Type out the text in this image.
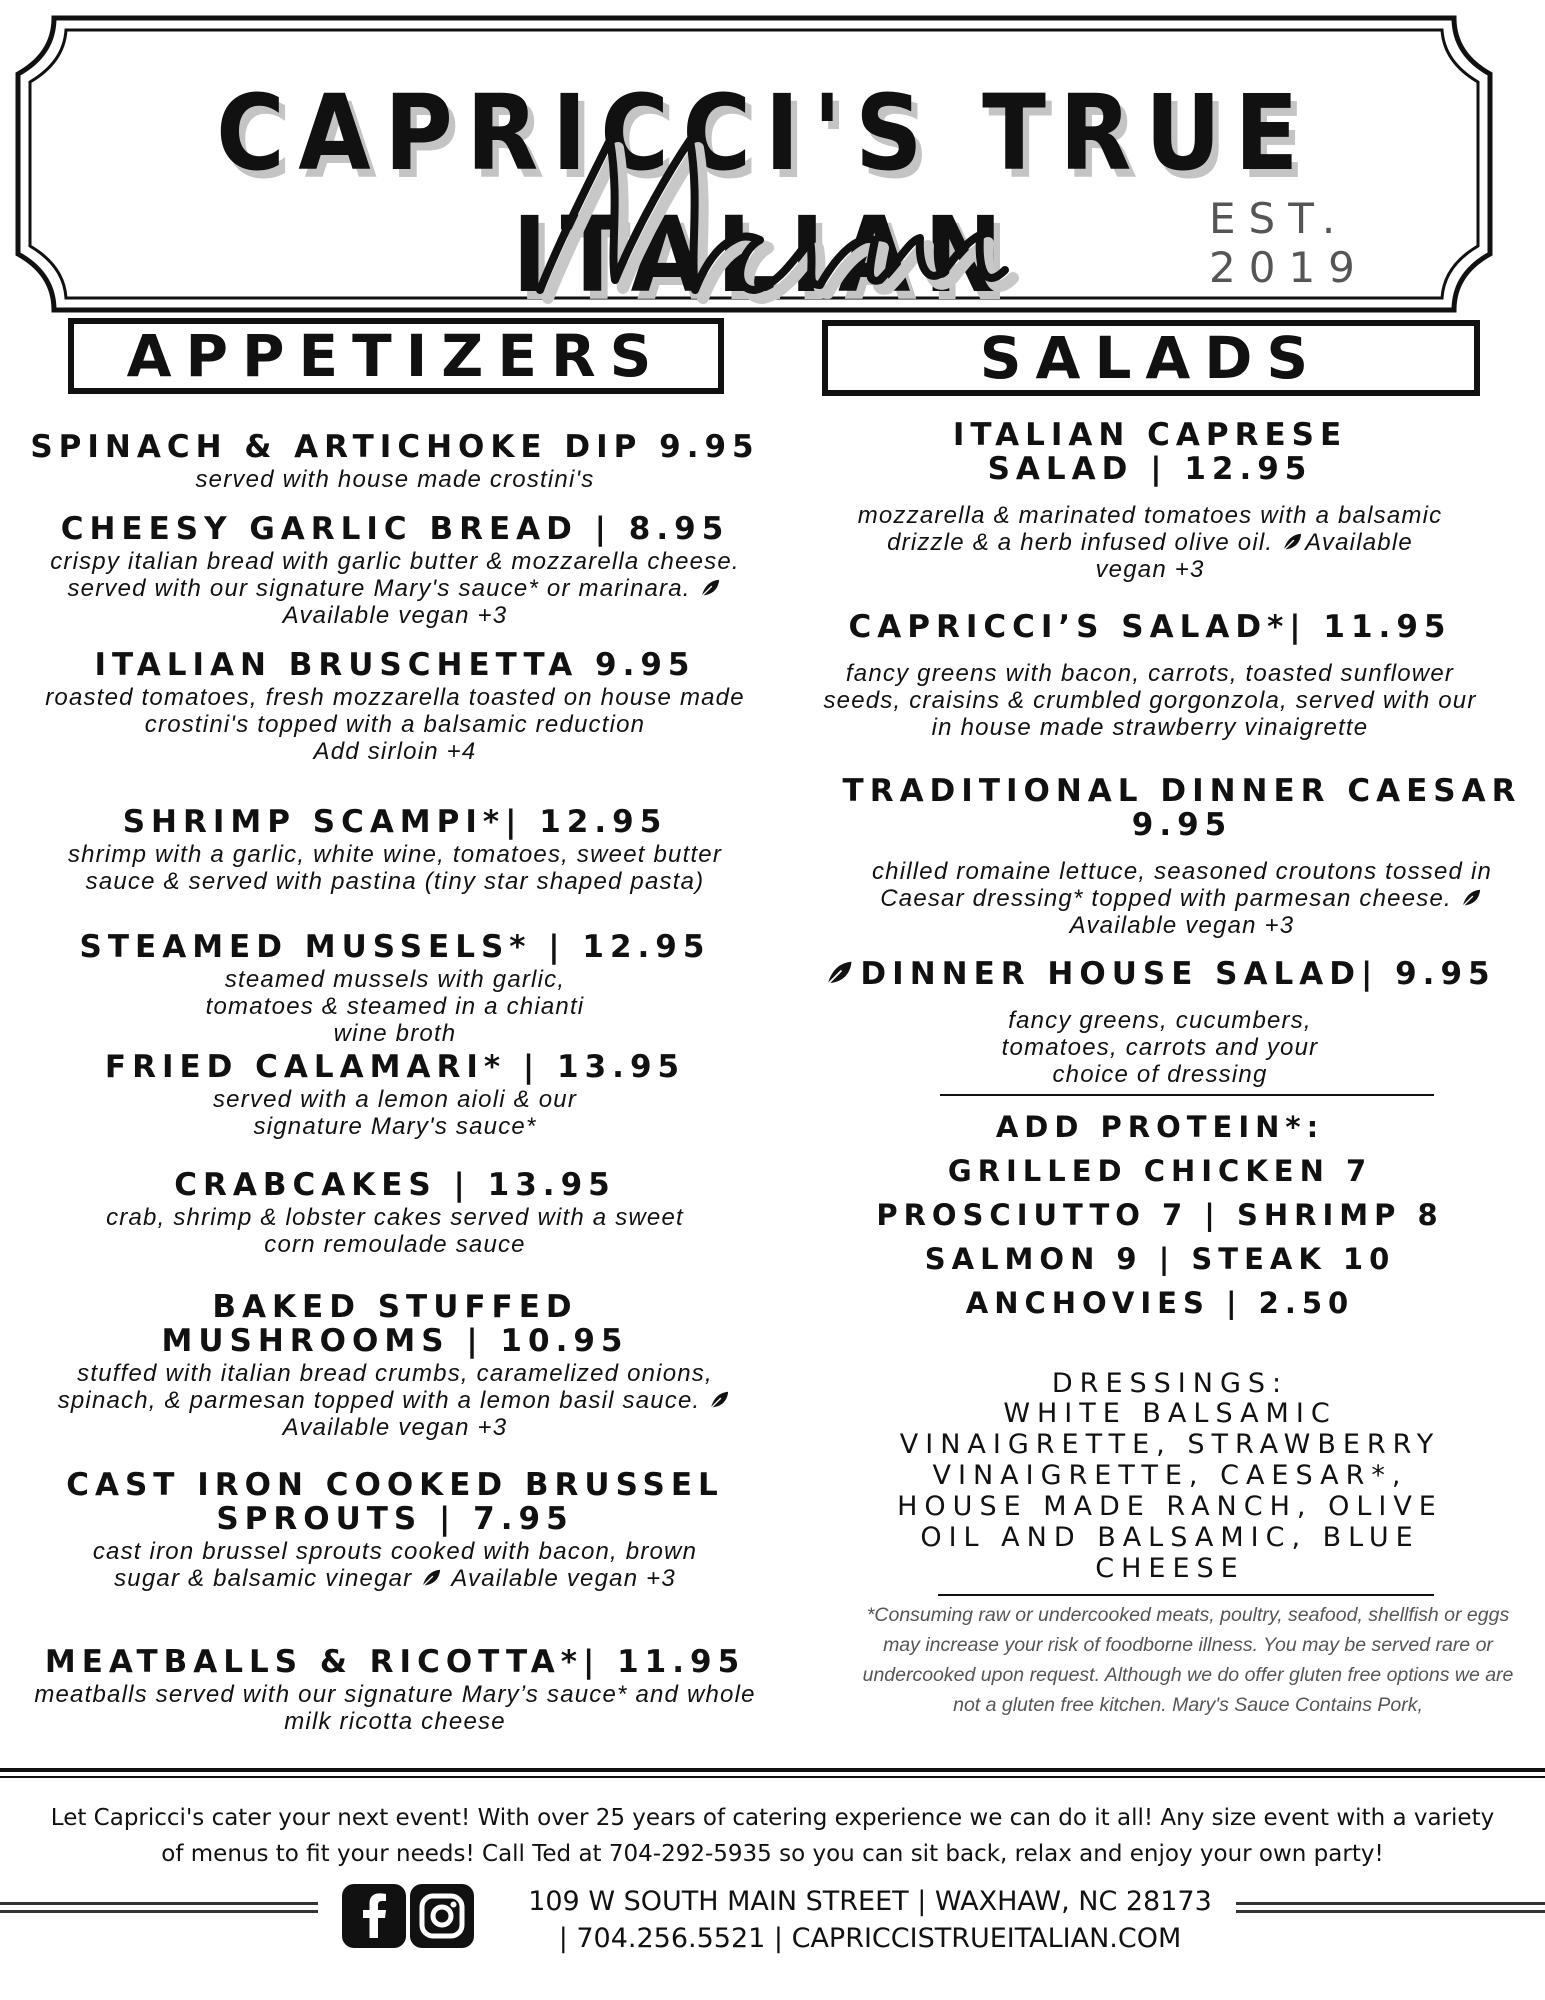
CAPRICCI'S TRUE ITALIAN	EST. 2019
APPETIZERS	SALADS
SPINACH & ARTICHOKE DIP 9.95
served with house made crostini's
CHEESY GARLIC BREAD | 8.95
crispy italian bread with garlic butter & mozzarella cheese. served with our signature Mary's sauce* or marinara. Available vegan +3
ITALIAN BRUSCHETTA 9.95
roasted tomatoes, fresh mozzarella toasted on house made crostini's topped with a balsamic reduction
Add sirloin +4
SHRIMP SCAMPI*| 12.95
shrimp with a garlic, white wine, tomatoes, sweet butter sauce & served with pastina (tiny star shaped pasta)
STEAMED MUSSELS* | 12.95
steamed mussels with garlic, tomatoes & steamed in a chianti wine broth
FRIED CALAMARI* | 13.95
served with a lemon aioli & our signature Mary's sauce*
CRABCAKES | 13.95
crab, shrimp & lobster cakes served with a sweet corn remoulade sauce
BAKED STUFFED MUSHROOMS | 10.95
stuffed with italian bread crumbs, caramelized onions, spinach, & parmesan topped with a lemon basil sauce. Available vegan +3
CAST IRON COOKED BRUSSEL SPROUTS | 7.95
cast iron brussel sprouts cooked with bacon, brown sugar & balsamic vinegar  Available vegan +3
MEATBALLS & RICOTTA*| 11.95
meatballs served with our signature Mary’s sauce* and whole milk ricotta cheese
ITALIAN CAPRESE SALAD | 12.95
mozzarella & marinated tomatoes with a balsamic drizzle & a herb infused olive oil. Available vegan +3
CAPRICCI’S SALAD*| 11.95
fancy greens with bacon, carrots, toasted sunflower seeds, craisins & crumbled gorgonzola, served with our in house made strawberry vinaigrette
TRADITIONAL DINNER CAESAR 9.95
chilled romaine lettuce, seasoned croutons tossed in Caesar dressing* topped with parmesan cheese.  Available vegan +3
DINNER HOUSE SALAD| 9.95
fancy greens, cucumbers, tomatoes, carrots and your choice of dressing
ADD PROTEIN*:
GRILLED CHICKEN 7
PROSCIUTTO 7 | SHRIMP 8
SALMON 9 | STEAK 10
ANCHOVIES | 2.50
DRESSINGS:
WHITE BALSAMIC VINAIGRETTE, STRAWBERRY VINAIGRETTE, CAESAR*, HOUSE MADE RANCH, OLIVE OIL AND BALSAMIC, BLUE CHEESE
*Consuming raw or undercooked meats, poultry, seafood, shellfish or eggs may increase your risk of foodborne illness. You may be served rare or undercooked upon request. Although we do offer gluten free options we are not a gluten free kitchen. Mary's Sauce Contains Pork,
Let Capricci's cater your next event! With over 25 years of catering experience we can do it all! Any size event with a variety of menus to fit your needs! Call Ted at 704-292-5935 so you can sit back, relax and enjoy your own party!
109 W SOUTH MAIN STREET | WAXHAW, NC 28173
| 704.256.5521 | CAPRICCISTRUEITALIAN.COM
